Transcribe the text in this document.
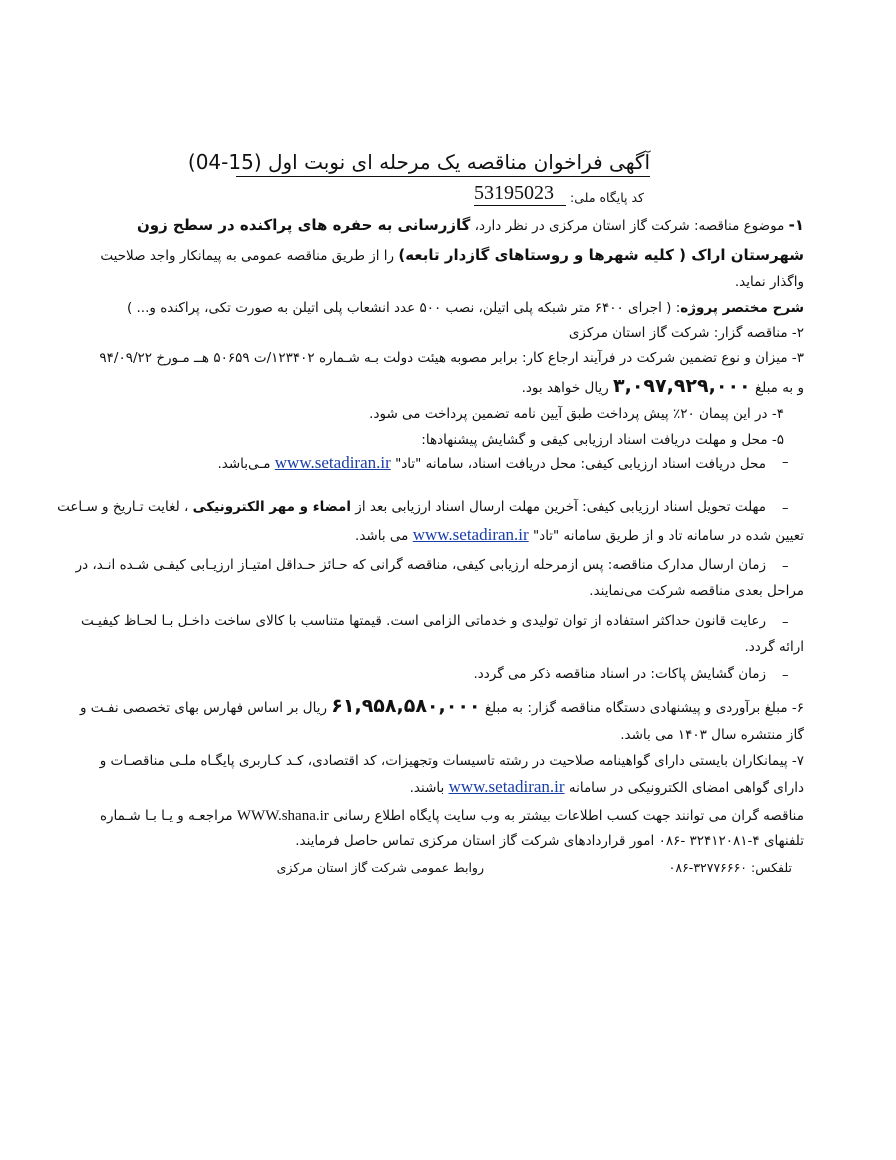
آگهی فراخوان مناقصه یک مرحله ای نوبت اول (15-04)
کد پایگاه ملی:
53195023
۱- موضوع مناقصه: شرکت گاز استان مرکزی در نظر دارد، گازرسانی به حفره های پراکنده در سطح زون
شهرستان اراک ( کلیه شهرها و روستاهای گازدار تابعه) را از طریق مناقصه عمومی به پیمانکار واجد صلاحیت
واگذار نماید.
شرح مختصر پروژه: ( اجرای ۶۴۰۰ متر شبکه پلی اتیلن، نصب ۵۰۰ عدد انشعاب پلی اتیلن به صورت تکی، پراکنده و... )
۲- مناقصه گزار: شرکت گاز استان مرکزی
۳- میزان و نوع تضمین شرکت در فرآیند ارجاع کار: برابر مصوبه هیئت دولت بـه شـماره ۱۲۳۴۰۲/ت ۵۰۶۵۹ هــ مـورخ ۹۴/۰۹/۲۲
و به مبلغ ۳,۰۹۷,۹۲۹,۰۰۰ ریال خواهد بود.
۴- در این پیمان ۲۰٪ پیش پرداخت طبق آیین نامه تضمین پرداخت می شود.
۵- محل و مهلت دریافت اسناد ارزیابی کیفی و گشایش پیشنهادها:
–
محل دریافت اسناد ارزیابی کیفی: محل دریافت اسناد، سامانه "تاد" www.setadiran.ir مـی‌باشد.
–
مهلت تحویل اسناد ارزیابی کیفی: آخرین مهلت ارسال اسناد ارزیابی بعد از امضاء و مهر الکترونیکی ، لغایت تـاریخ و سـاعت
تعیین شده در سامانه تاد و از طریق سامانه "تاد" www.setadiran.ir می باشد.
–
زمان ارسال مدارک مناقصه: پس ازمرحله ارزیابی کیفی، مناقصه گرانی که حـائز حـداقل امتیـاز ارزیـابی کیفـی شـده انـد، در
مراحل بعدی مناقصه شرکت می‌نمایند.
–
رعایت قانون حداکثر استفاده از توان تولیدی و خدماتی الزامی است. قیمتها متناسب با کالای ساخت داخـل بـا لحـاظ کیفیـت
ارائه گردد.
–
زمان گشایش پاکات: در اسناد مناقصه ذکر می گردد.
۶- مبلغ برآوردی و پیشنهادی دستگاه مناقصه گزار: به مبلغ ۶۱,۹۵۸,۵۸۰,۰۰۰ ریال بر اساس فهارس بهای تخصصی نفـت و
گاز منتشره سال ۱۴۰۳ می باشد.
۷- پیمانکاران بایستی دارای گواهینامه صلاحیت در رشته تاسیسات وتجهیزات، کد اقتصادی، کـد کـاربری پایگـاه ملـی مناقصـات و
دارای گواهی امضای الکترونیکی در سامانه www.setadiran.ir باشند.
مناقصه گران می توانند جهت کسب اطلاعات بیشتر به وب سایت پایگاه اطلاع رسانی WWW.shana.ir مراجعـه و یـا بـا شـماره
تلفنهای ۴-۳۲۴۱۲۰۸۱ -۰۸۶ امور قراردادهای شرکت گاز استان مرکزی تماس حاصل فرمایند.
تلفکس: ۳۲۷۷۶۶۶۰-۰۸۶
روابط عمومی شرکت گاز استان مرکزی
